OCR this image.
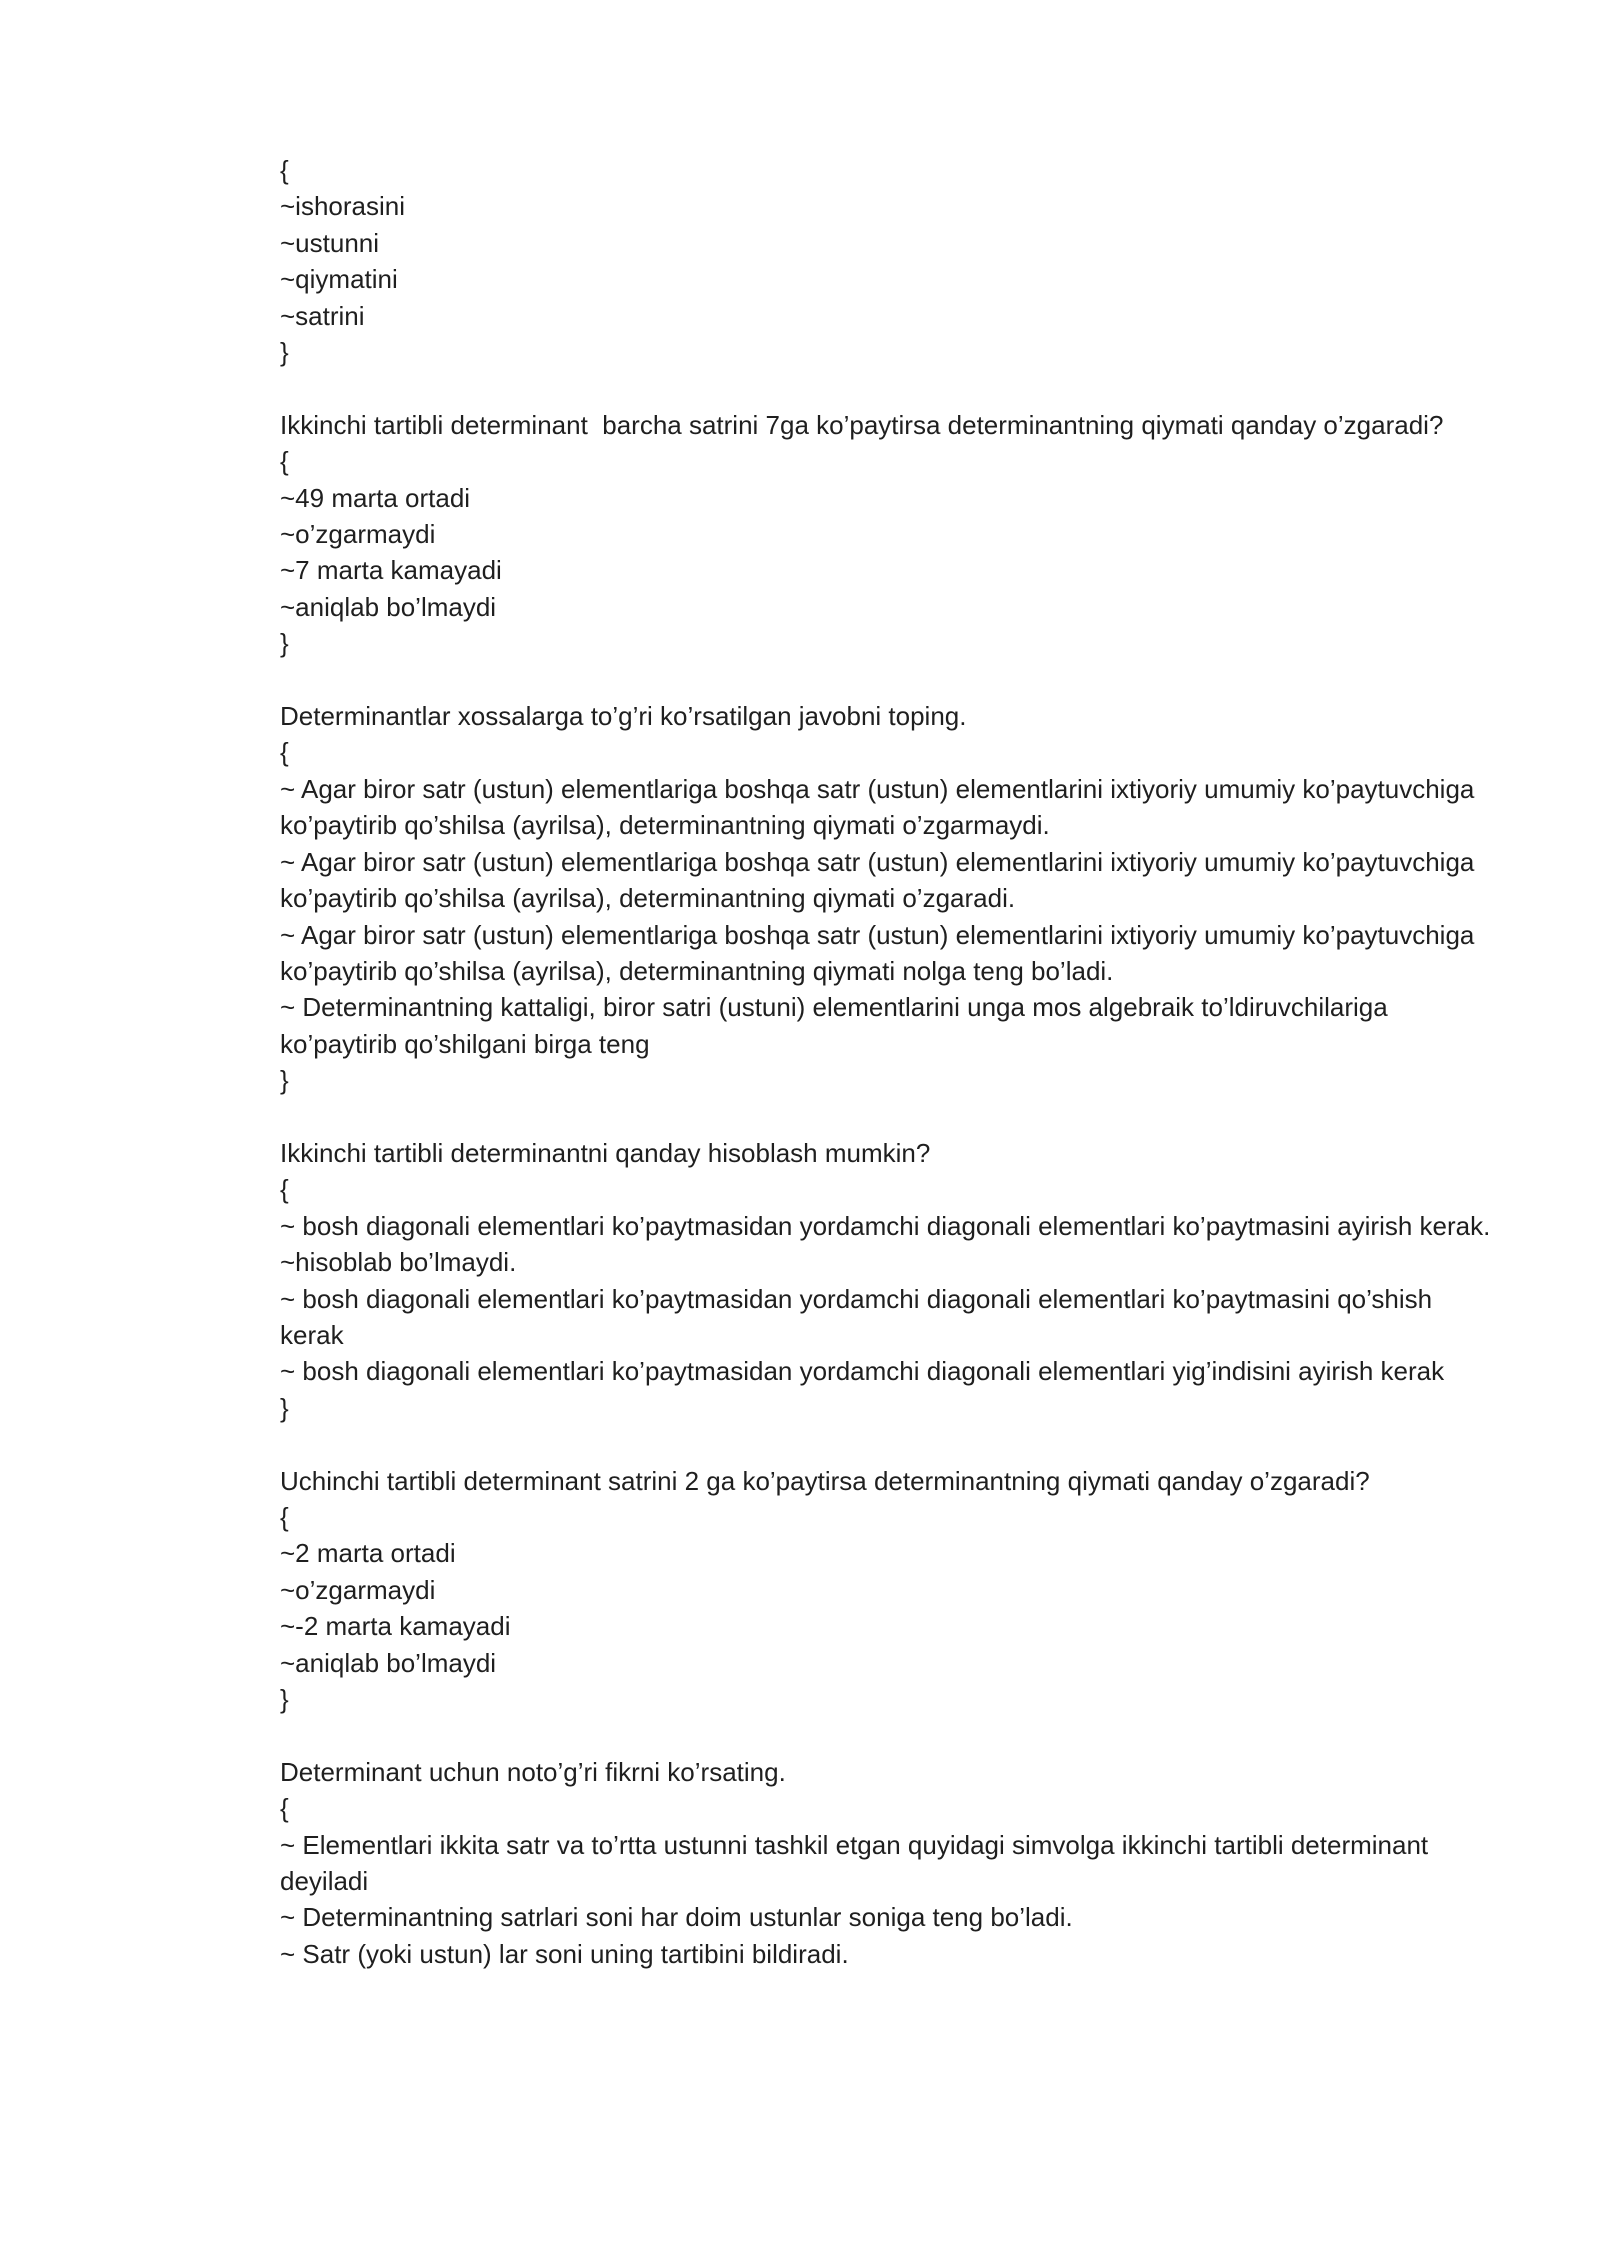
{
~ishorasini
~ustunni
~qiymatini
~satrini
}
Ikkinchi tartibli determinant  barcha satrini 7ga ko’paytirsa determinantning qiymati qanday o’zgaradi?
{
~49 marta ortadi
~o’zgarmaydi
~7 marta kamayadi
~aniqlab bo’lmaydi
}
Determinantlar xossalarga to’g’ri ko’rsatilgan javobni toping.
{
~ Agar biror satr (ustun) elementlariga boshqa satr (ustun) elementlarini ixtiyoriy umumiy ko’paytuvchiga ko’paytirib qo’shilsa (ayrilsa), determinantning qiymati o’zgarmaydi.
~ Agar biror satr (ustun) elementlariga boshqa satr (ustun) elementlarini ixtiyoriy umumiy ko’paytuvchiga ko’paytirib qo’shilsa (ayrilsa), determinantning qiymati o’zgaradi.
~ Agar biror satr (ustun) elementlariga boshqa satr (ustun) elementlarini ixtiyoriy umumiy ko’paytuvchiga ko’paytirib qo’shilsa (ayrilsa), determinantning qiymati nolga teng bo’ladi.
~ Determinantning kattaligi, biror satri (ustuni) elementlarini unga mos algebraik to’ldiruvchilariga ko’paytirib qo’shilgani birga teng
}
Ikkinchi tartibli determinantni qanday hisoblash mumkin?
{
~ bosh diagonali elementlari ko’paytmasidan yordamchi diagonali elementlari ko’paytmasini ayirish kerak.
~hisoblab bo’lmaydi.
~ bosh diagonali elementlari ko’paytmasidan yordamchi diagonali elementlari ko’paytmasini qo’shish kerak
~ bosh diagonali elementlari ko’paytmasidan yordamchi diagonali elementlari yig’indisini ayirish kerak
}
Uchinchi tartibli determinant satrini 2 ga ko’paytirsa determinantning qiymati qanday o’zgaradi?
{
~2 marta ortadi
~o’zgarmaydi
~-2 marta kamayadi
~aniqlab bo’lmaydi
}
Determinant uchun noto’g’ri fikrni ko’rsating.
{
~ Elementlari ikkita satr va to’rtta ustunni tashkil etgan quyidagi simvolga ikkinchi tartibli determinant deyiladi
~ Determinantning satrlari soni har doim ustunlar soniga teng bo’ladi.
~ Satr (yoki ustun) lar soni uning tartibini bildiradi.
